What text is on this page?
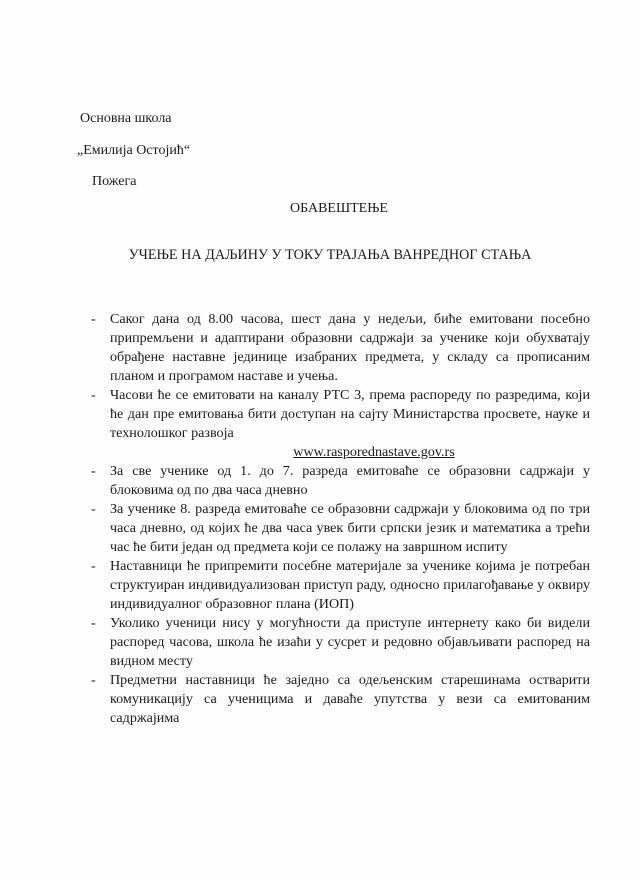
Основна школа
„Емилија Остојић“
Пожега
ОБАВЕШТЕЊЕ
УЧЕЊЕ НА ДАЉИНУ У ТОКУ ТРАЈАЊА ВАНРЕДНОГ СТАЊА
- Саког дана од 8.00 часова, шест дана у недељи, биће емитовани посебно припремљени и адаптирани образовни садржаји за ученике који обухватају обрађене наставне јединице изабраних предмета, у складу са прописаним планом и програмом наставе и учења.
- Часови ће се емитовати на каналу РТС 3, према распореду по разредима, који ће дан пре емитовања бити доступан на сајту Министарства просвете, науке и технолошког развоја
www.rasporednastave.gov.rs
- За све ученике од 1. до 7. разреда емитоваће се образовни садржаји у блоковима од по два часа дневно
- За ученике 8. разреда емитоваће се образовни садржаји у блоковима од по три часа дневно, од којих ће два часа увек бити српски језик и математика а трећи час ће бити један од предмета који се полажу на завршном испиту
- Наставници ће припремити посебне материјале за ученике којима је потребан структуиран индивидуализован приступ раду, односно прилагођавање у оквиру индивидуалног образовног плана (ИОП)
- Уколико ученици нису у могућности да приступе интернету како би видели распоред часова, школа ће изаћи у сусрет и редовно објављивати распоред на видном месту
- Предметни наставници ће заједно са одељенским старешинама остварити комуникацију са ученицима и даваће упутства у вези са емитованим садржајима
